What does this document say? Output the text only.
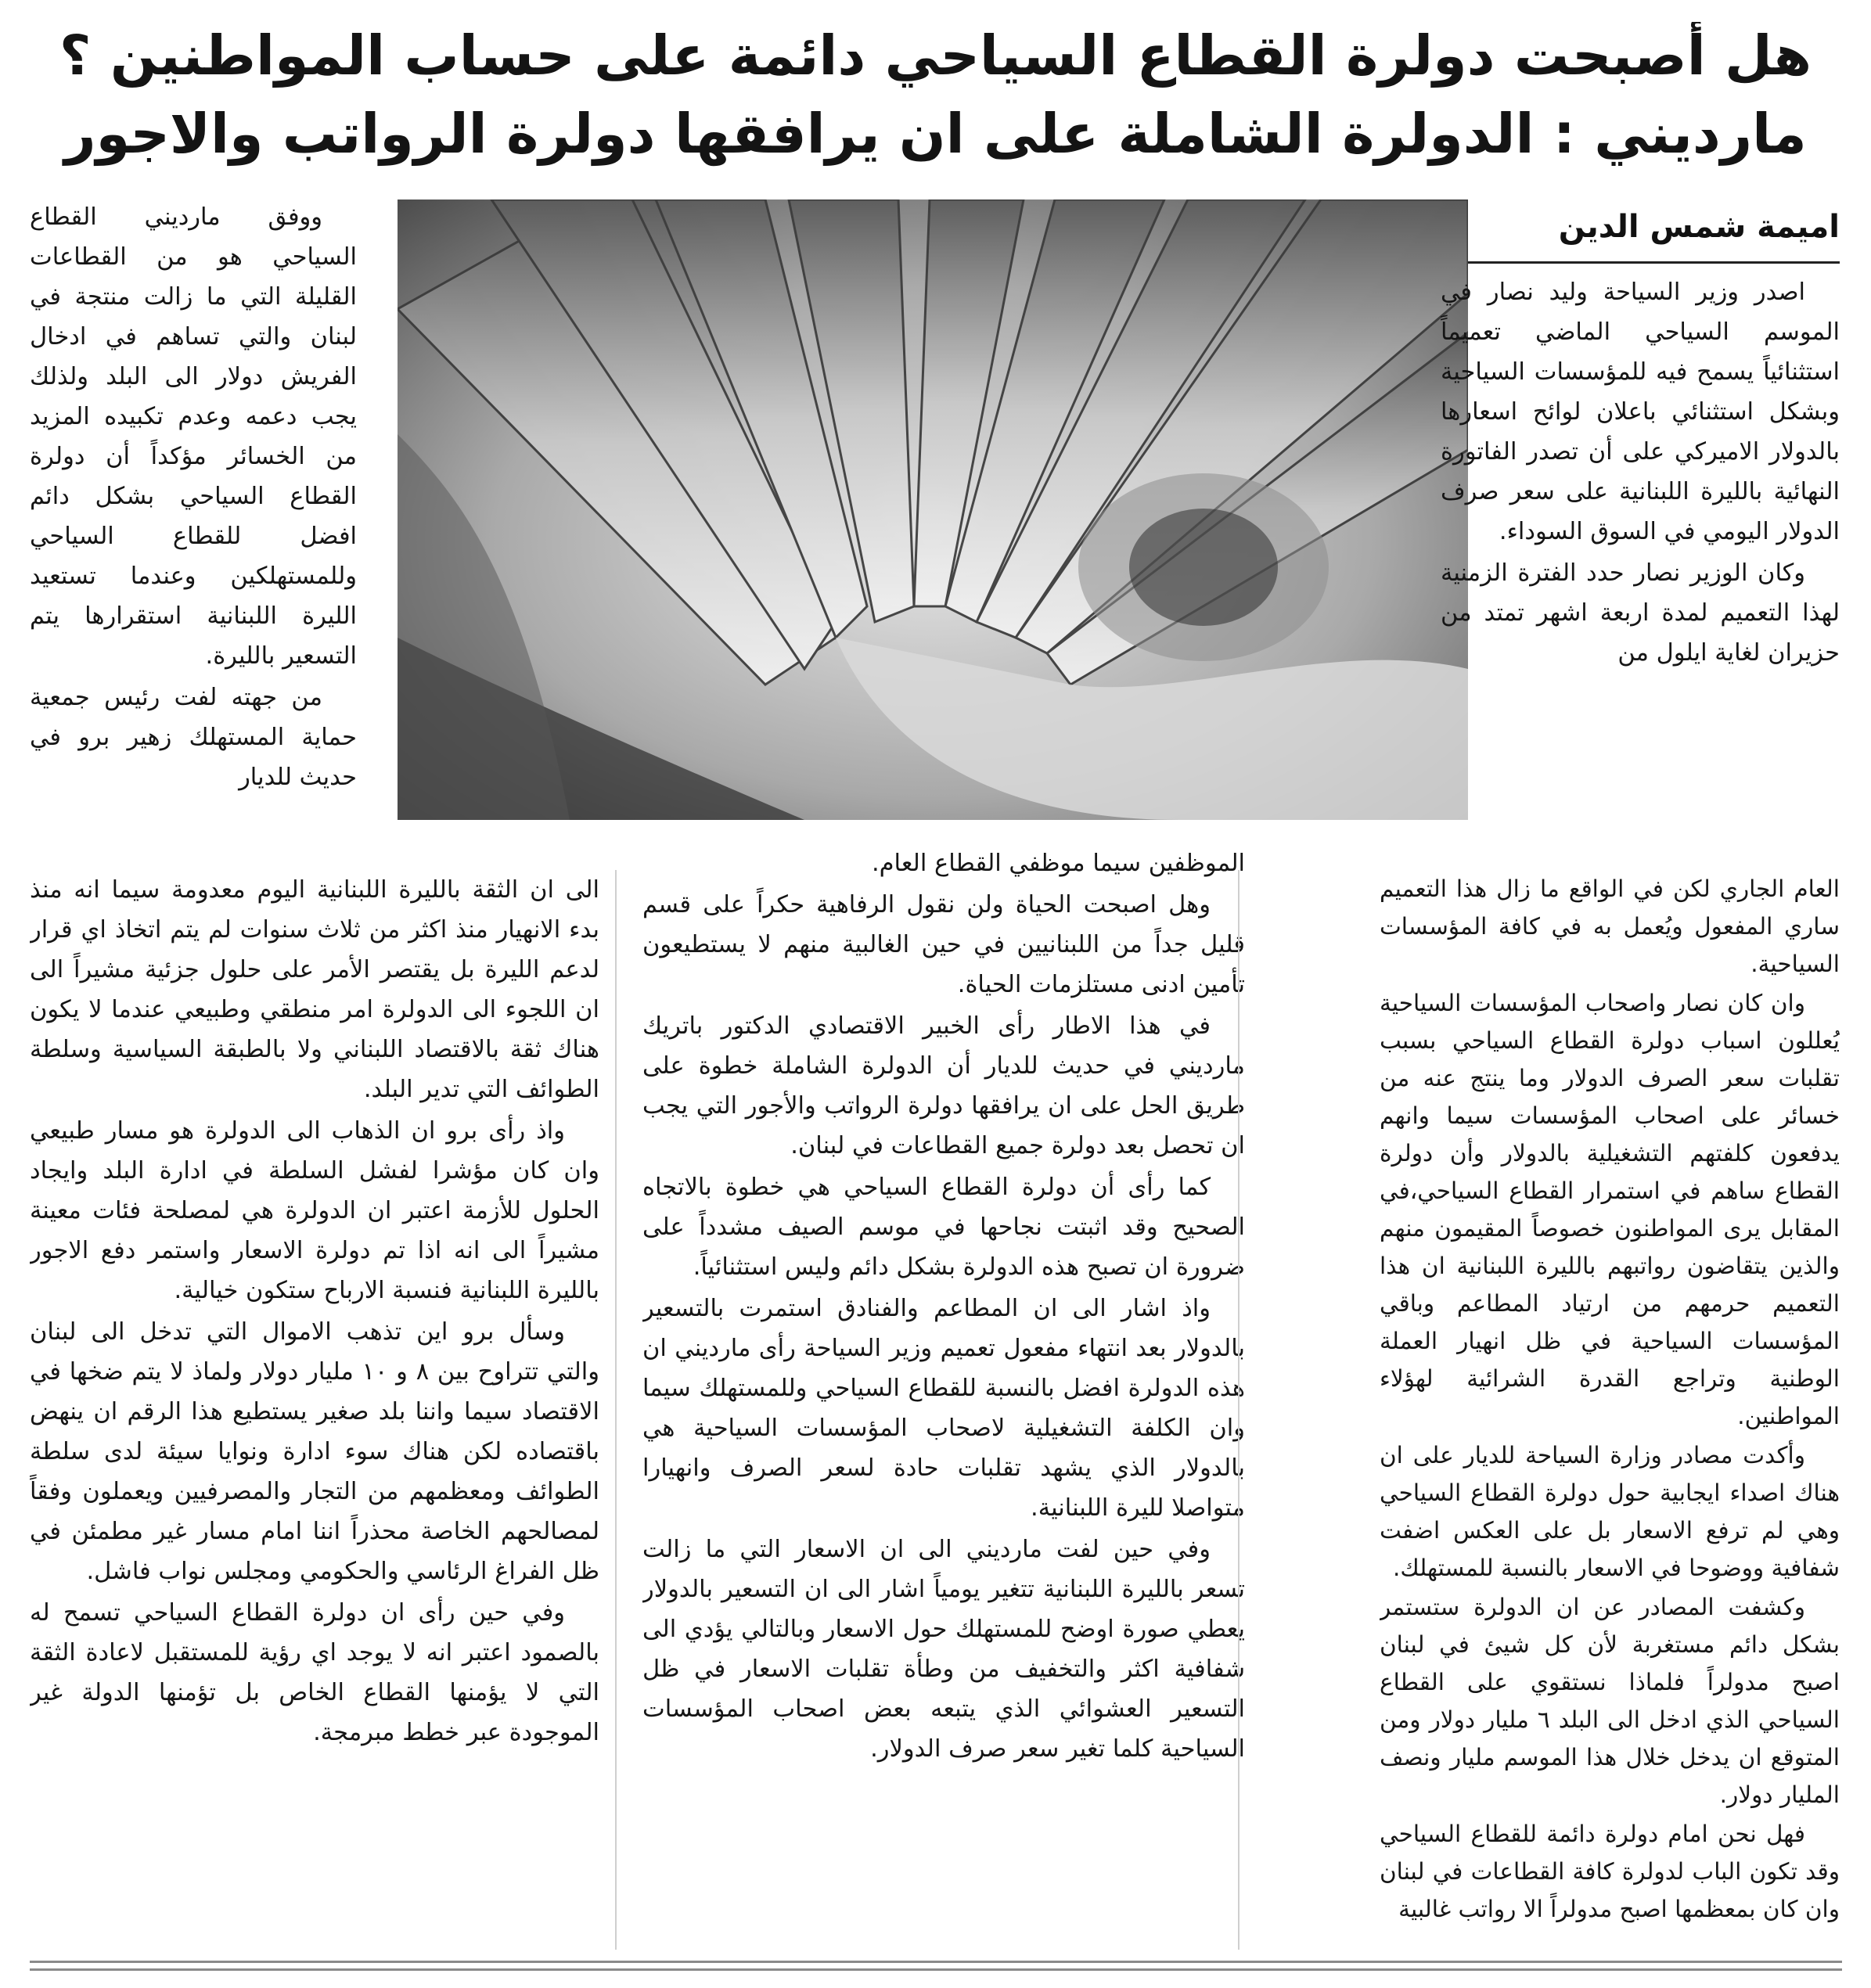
هل أصبحت دولرة القطاع السياحي دائمة على حساب المواطنين ؟
مارديني : الدولرة الشاملة على ان يرافقها دولرة الرواتب والاجور
اميمة شمس الدين

اصدر وزير السياحة وليد نصار في الموسم السياحي الماضي تعميماً استثنائياً يسمح فيه للمؤسسات السياحية وبشكل استثنائي باعلان لوائح اسعارها بالدولار الاميركي على أن تصدر الفاتورة النهائية بالليرة اللبنانية على سعر صرف الدولار اليومي في السوق السوداء.

وكان الوزير نصار حدد الفترة الزمنية لهذا التعميم لمدة اربعة اشهر تمتد من حزيران لغاية ايلول من

العام الجاري لكن في الواقع ما زال هذا التعميم ساري المفعول ويُعمل به في كافة المؤسسات السياحية.

وان كان نصار واصحاب المؤسسات السياحية يُعللون اسباب دولرة القطاع السياحي بسبب تقلبات سعر الصرف الدولار وما ينتج عنه من خسائر على اصحاب المؤسسات سيما وانهم يدفعون كلفتهم التشغيلية بالدولار وأن دولرة القطاع ساهم في استمرار القطاع السياحي،في المقابل يرى المواطنون خصوصاً المقيمون منهم والذين يتقاضون رواتبهم بالليرة اللبنانية ان هذا التعميم حرمهم من ارتياد المطاعم وباقي المؤسسات السياحية في ظل انهيار العملة الوطنية وتراجع القدرة الشرائية لهؤلاء المواطنين.

وأكدت مصادر وزارة السياحة للديار على ان هناك اصداء ايجابية حول دولرة القطاع السياحي وهي لم ترفع الاسعار بل على العكس اضفت شفافية ووضوحا في الاسعار بالنسبة للمستهلك.

وكشفت المصادر عن ان الدولرة ستستمر بشكل دائم مستغربة لأن كل شيئ في لبنان اصبح مدولراً فلماذا نستقوي على القطاع السياحي الذي ادخل الى البلد ٦ مليار دولار ومن المتوقع ان يدخل خلال هذا الموسم مليار ونصف المليار دولار.

فهل نحن امام دولرة دائمة للقطاع السياحي وقد تكون الباب لدولرة كافة القطاعات في لبنان وان كان بمعظمها اصبح مدولراً الا رواتب غالبية

الموظفين سيما موظفي القطاع العام.

وهل اصبحت الحياة ولن نقول الرفاهية حكراً على قسم قليل جداً من اللبنانيين في حين الغالبية منهم لا يستطيعون تأمين ادنى مستلزمات الحياة.

في هذا الاطار رأى الخبير الاقتصادي الدكتور باتريك مارديني في حديث للديار أن الدولرة الشاملة خطوة على طريق الحل على ان يرافقها دولرة الرواتب والأجور التي يجب ان تحصل بعد دولرة جميع القطاعات في لبنان.

كما رأى أن دولرة القطاع السياحي هي خطوة بالاتجاه الصحيح وقد اثبتت نجاحها في موسم الصيف مشدداً على ضرورة ان تصبح هذه الدولرة بشكل دائم وليس استثنائياً.

واذ اشار الى ان المطاعم والفنادق استمرت بالتسعير بالدولار بعد انتهاء مفعول تعميم وزير السياحة رأى مارديني ان هذه الدولرة افضل بالنسبة للقطاع السياحي وللمستهلك سيما وان الكلفة التشغيلية لاصحاب المؤسسات السياحية هي بالدولار الذي يشهد تقلبات حادة لسعر الصرف وانهيارا متواصلا لليرة اللبنانية.

وفي حين لفت مارديني الى ان الاسعار التي ما زالت تسعر بالليرة اللبنانية تتغير يومياً اشار الى ان التسعير بالدولار يعطي صورة اوضح للمستهلك حول الاسعار وبالتالي يؤدي الى شفافية اكثر والتخفيف من وطأة تقلبات الاسعار في ظل التسعير العشوائي الذي يتبعه بعض اصحاب المؤسسات السياحية كلما تغير سعر صرف الدولار.

ووفق مارديني القطاع السياحي هو من القطاعات القليلة التي ما زالت منتجة في لبنان والتي تساهم في ادخال الفريش دولار الى البلد ولذلك يجب دعمه وعدم تكبيده المزيد من الخسائر مؤكداً أن دولرة القطاع السياحي بشكل دائم افضل للقطاع السياحي وللمستهلكين وعندما تستعيد الليرة اللبنانية استقرارها يتم التسعير بالليرة.

من جهته لفت رئيس جمعية حماية المستهلك زهير برو في حديث للديار

الى ان الثقة بالليرة اللبنانية اليوم معدومة سيما انه منذ بدء الانهيار منذ اكثر من ثلاث سنوات لم يتم اتخاذ اي قرار لدعم الليرة بل يقتصر الأمر على حلول جزئية مشيراً الى ان اللجوء الى الدولرة امر منطقي وطبيعي عندما لا يكون هناك ثقة بالاقتصاد اللبناني ولا بالطبقة السياسية وسلطة الطوائف التي تدير البلد.

واذ رأى برو ان الذهاب الى الدولرة هو مسار طبيعي وان كان مؤشرا لفشل السلطة في ادارة البلد وايجاد الحلول للأزمة اعتبر ان الدولرة هي لمصلحة فئات معينة مشيراً الى انه اذا تم دولرة الاسعار واستمر دفع الاجور بالليرة اللبنانية فنسبة الارباح ستكون خيالية.

وسأل برو اين تذهب الاموال التي تدخل الى لبنان والتي تتراوح بين ٨ و ١٠ مليار دولار ولماذ لا يتم ضخها في الاقتصاد سيما واننا بلد صغير يستطيع هذا الرقم ان ينهض باقتصاده لكن هناك سوء ادارة ونوايا سيئة لدى سلطة الطوائف ومعظمهم من التجار والمصرفيين ويعملون وفقاً لمصالحهم الخاصة محذراً اننا امام مسار غير مطمئن في ظل الفراغ الرئاسي والحكومي ومجلس نواب فاشل.

وفي حين رأى ان دولرة القطاع السياحي تسمح له بالصمود اعتبر انه لا يوجد اي رؤية للمستقبل لاعادة الثقة التي لا يؤمنها القطاع الخاص بل تؤمنها الدولة غير الموجودة عبر خطط مبرمجة.
